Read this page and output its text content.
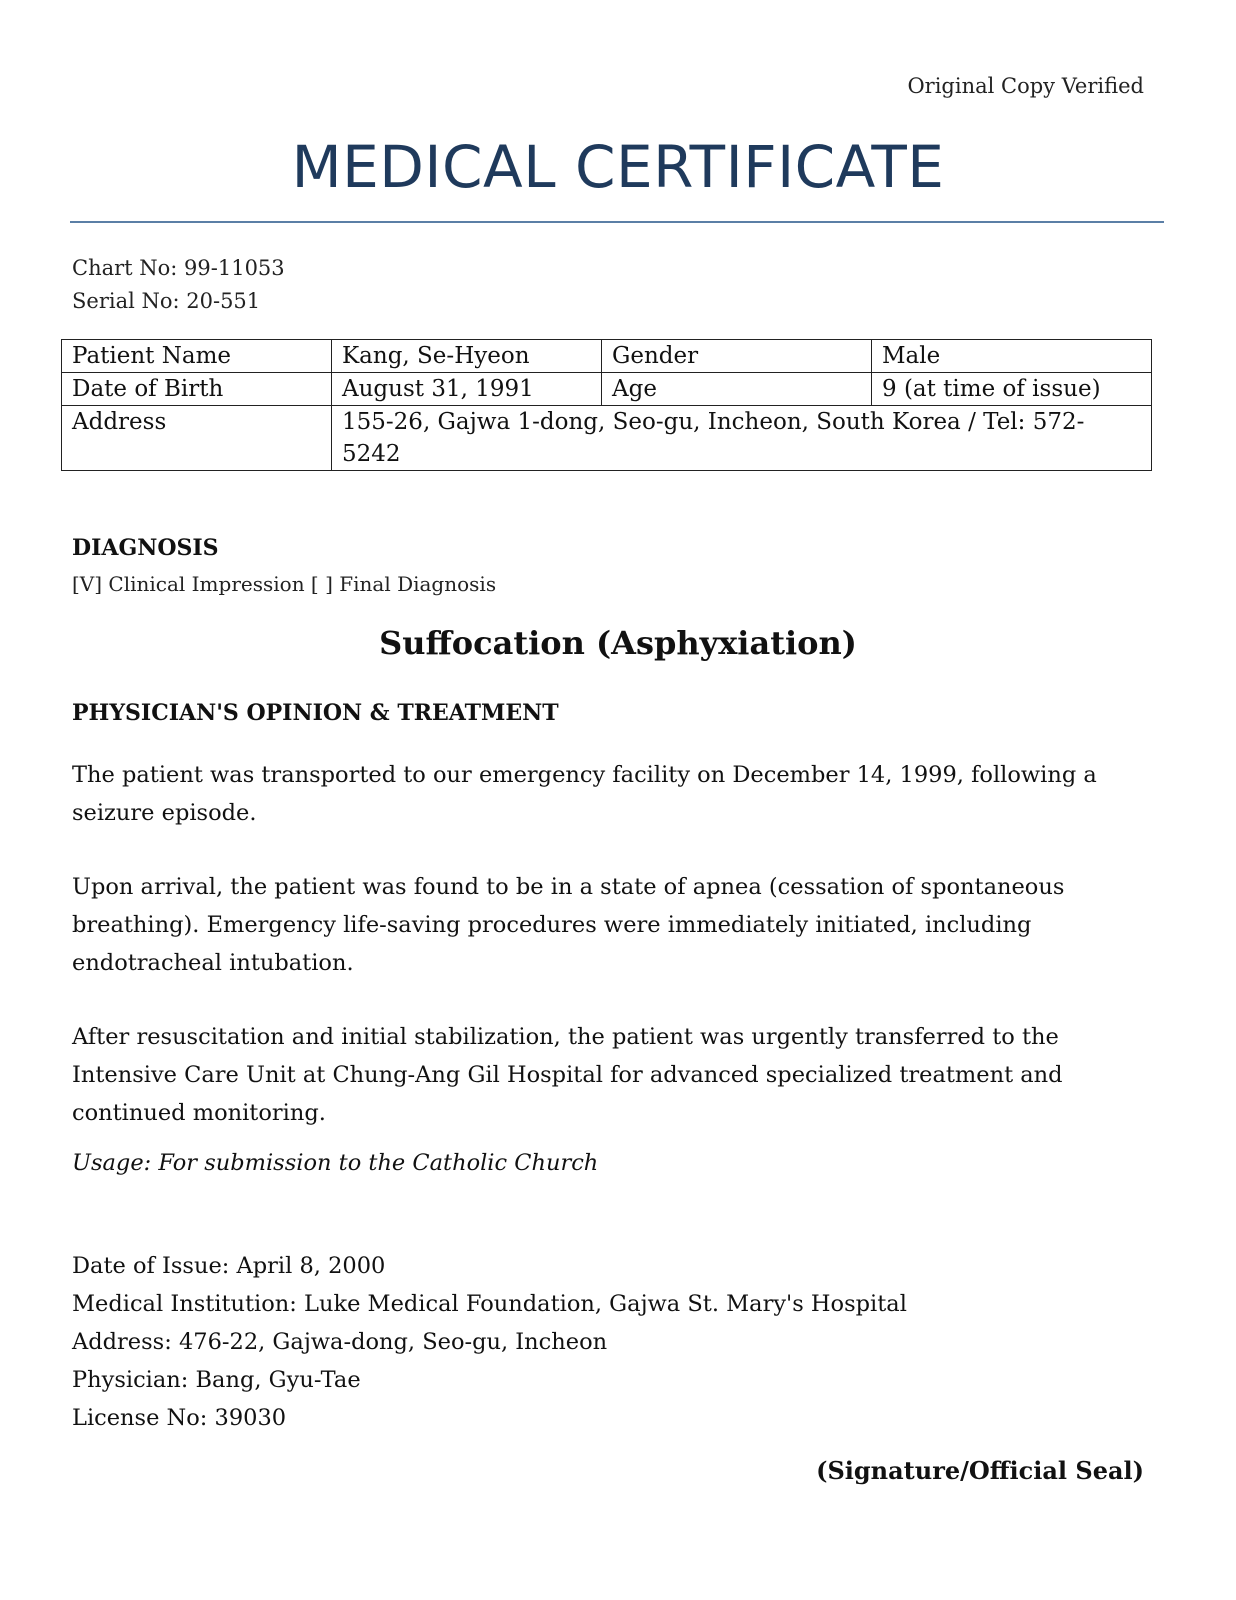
Original Copy Verified
MEDICAL CERTIFICATE
Chart No: 99-11053
Serial No: 20-551
Patient Name	Kang, Se-Hyeon	Gender	Male
Date of Birth	August 31, 1991	Age	9 (at time of issue)
Address	155-26, Gajwa 1-dong, Seo-gu, Incheon, South Korea / Tel: 572-5242		
DIAGNOSIS
[V] Clinical Impression [ ] Final Diagnosis
Suffocation (Asphyxiation)
PHYSICIAN'S OPINION & TREATMENT

The patient was transported to our emergency facility on December 14, 1999, following a seizure episode.

Upon arrival, the patient was found to be in a state of apnea (cessation of spontaneous breathing). Emergency life-saving procedures were immediately initiated, including endotracheal intubation.

After resuscitation and initial stabilization, the patient was urgently transferred to the Intensive Care Unit at Chung-Ang Gil Hospital for advanced specialized treatment and continued monitoring.

Usage: For submission to the Catholic Church
Date of Issue: April 8, 2000
Medical Institution: Luke Medical Foundation, Gajwa St. Mary's Hospital
Address: 476-22, Gajwa-dong, Seo-gu, Incheon
Physician: Bang, Gyu-Tae
License No: 39030
(Signature/Official Seal)
